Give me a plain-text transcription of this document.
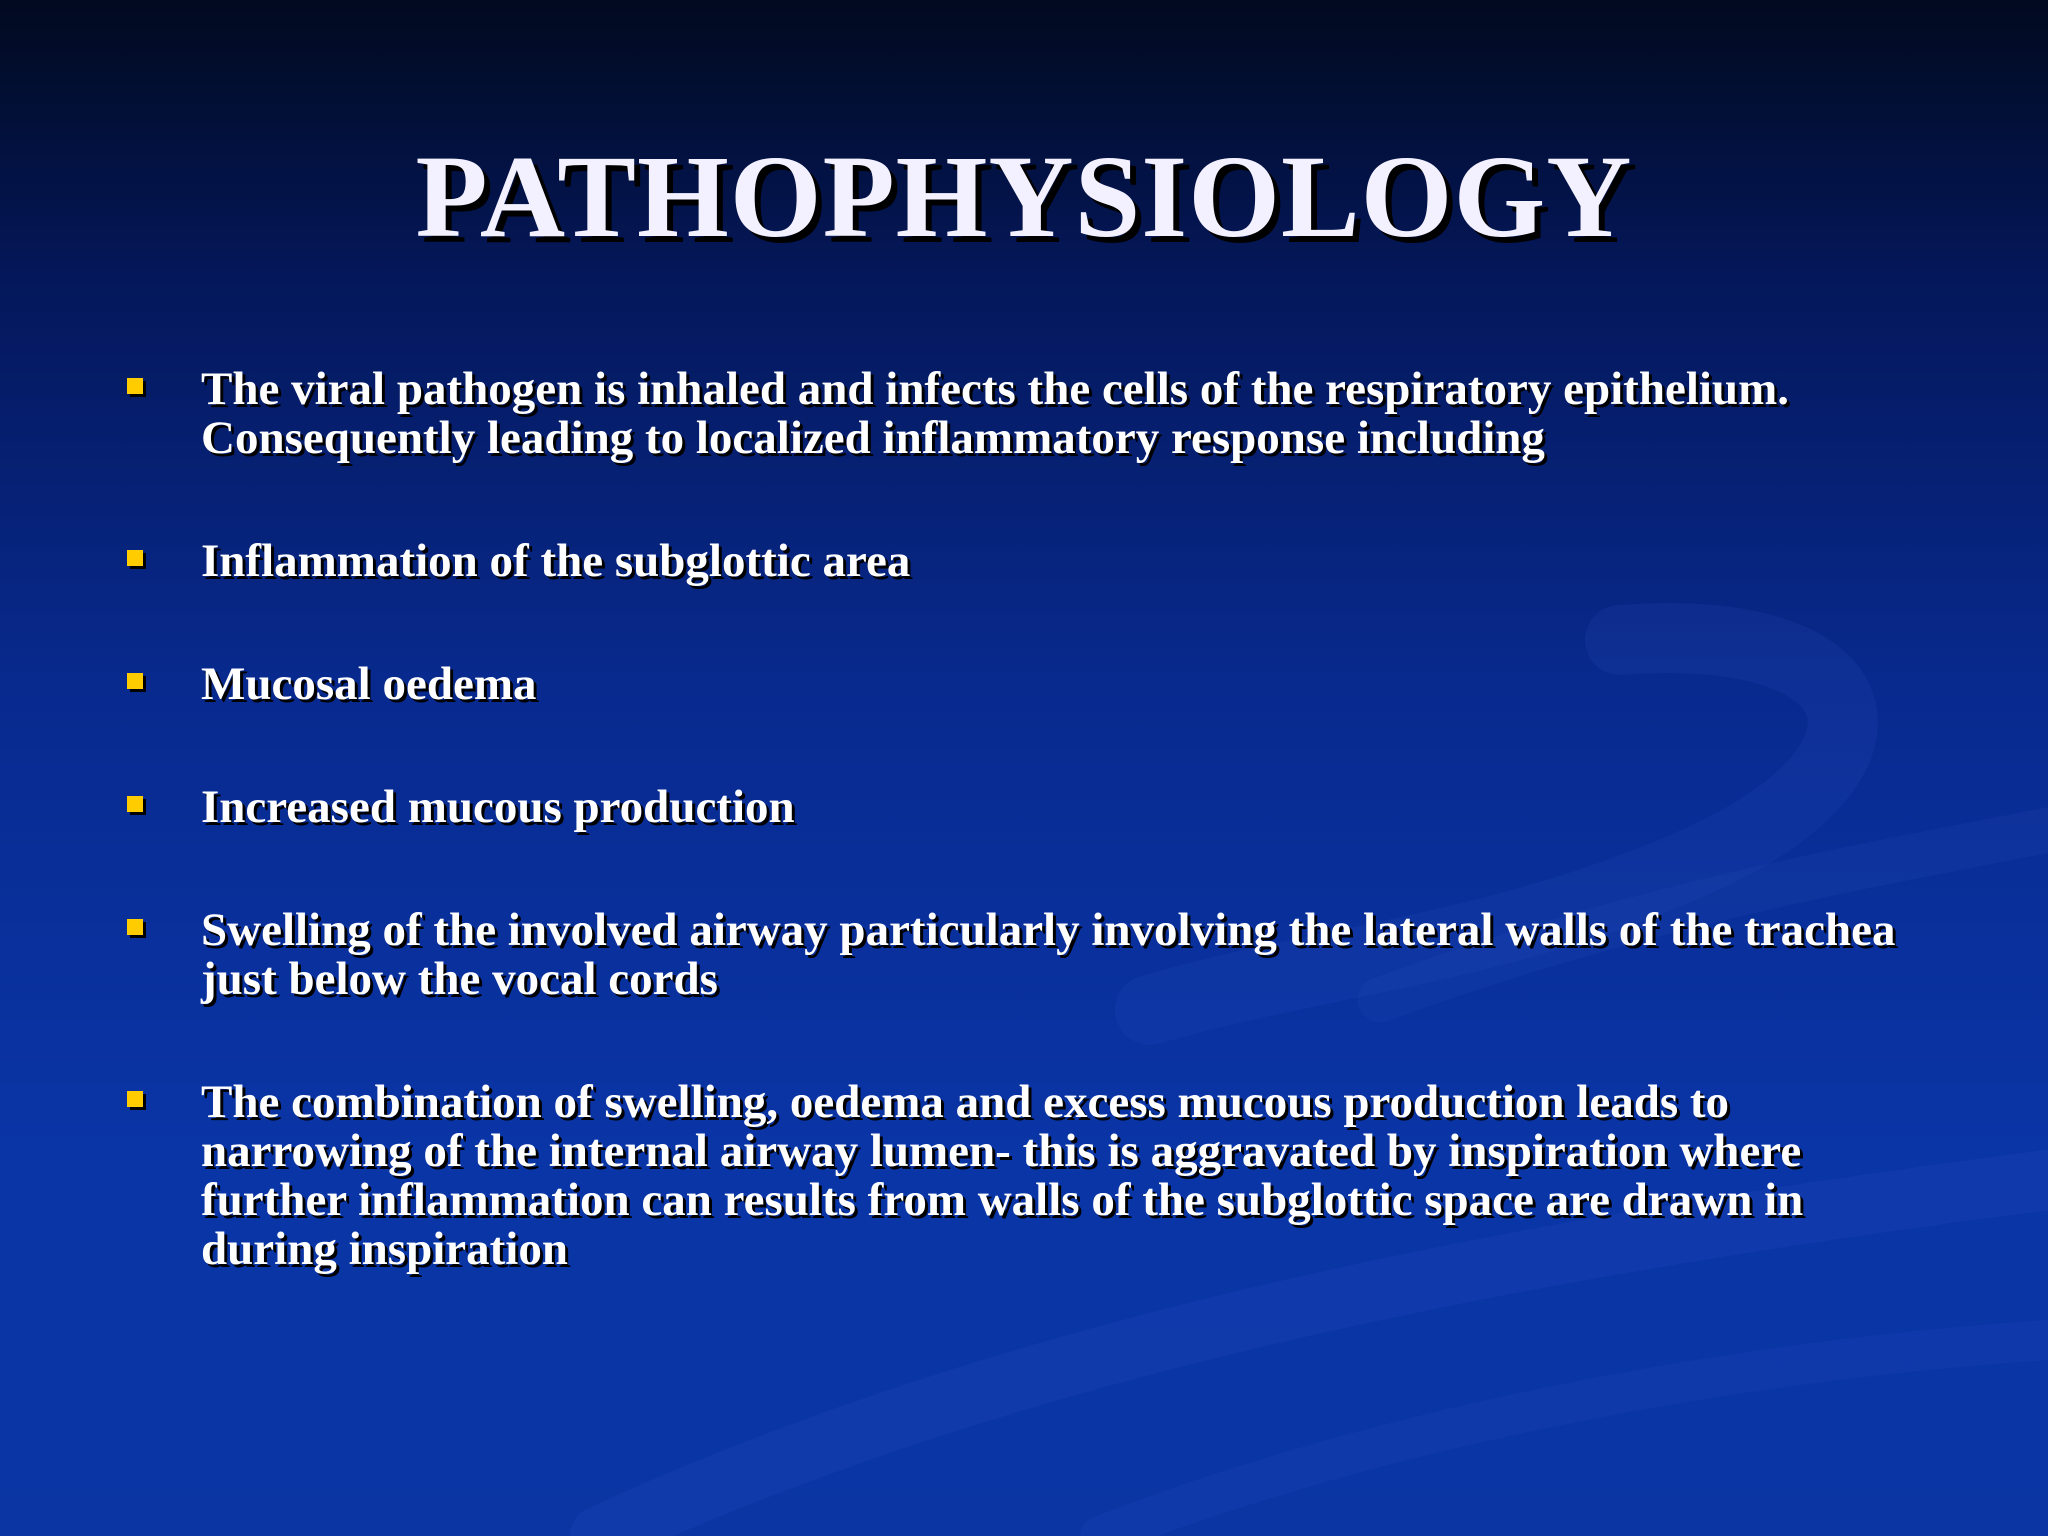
PATHOPHYSIOLOGY
The viral pathogen is inhaled and infects the cells of the respiratory epithelium. Consequently leading to localized inflammatory response including
Inflammation of the subglottic area
Mucosal oedema
Increased mucous production
Swelling of the involved airway particularly involving the lateral walls of the trachea just below the vocal cords
The combination of swelling, oedema and excess mucous production leads to narrowing of the internal airway lumen- this is aggravated by inspiration where further inflammation can results from walls of the subglottic space are drawn in during inspiration
